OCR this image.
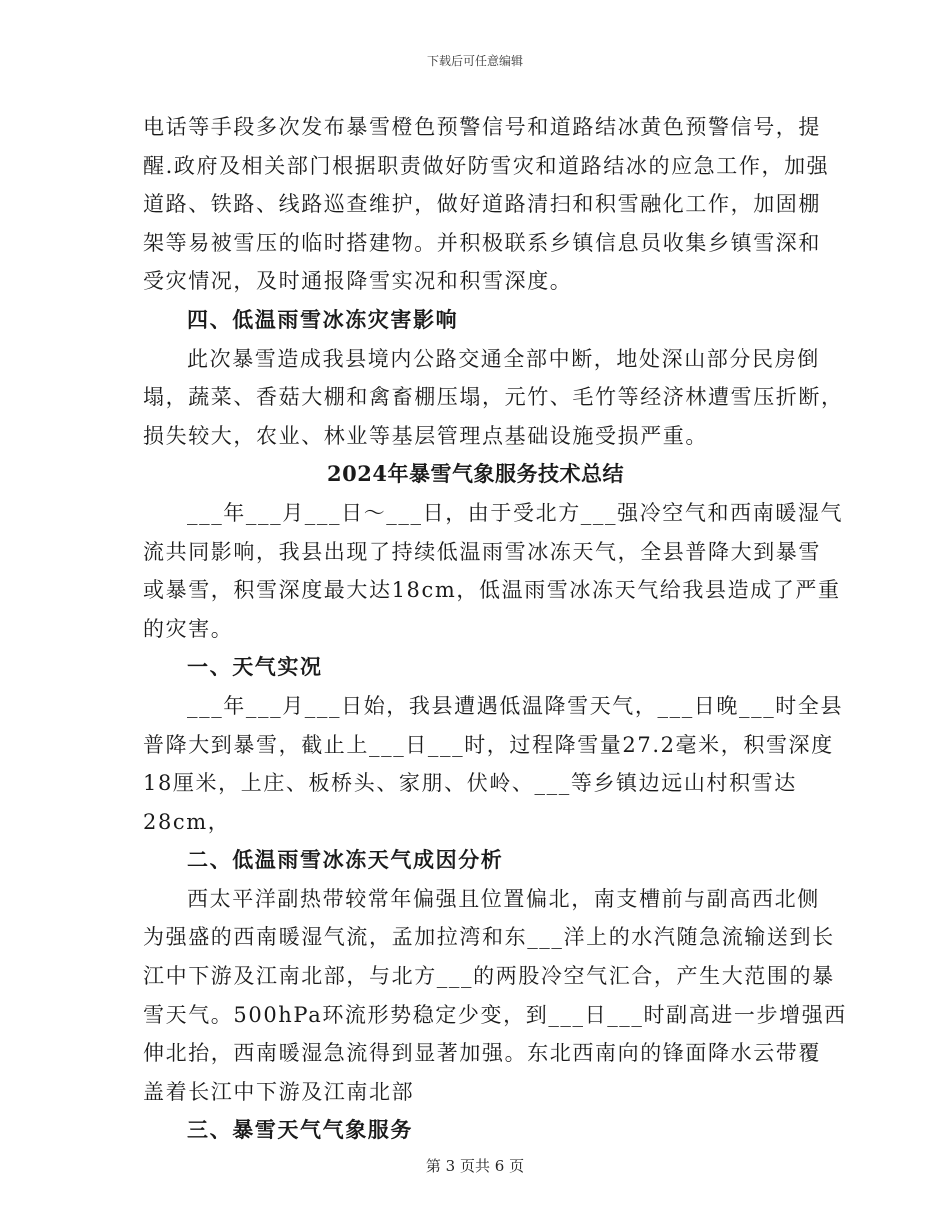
下载后可任意编辑
电话等手段多次发布暴雪橙色预警信号和道路结冰黄色预警信号，提
醒.政府及相关部门根据职责做好防雪灾和道路结冰的应急工作，加强
道路、铁路、线路巡查维护，做好道路清扫和积雪融化工作，加固棚
架等易被雪压的临时搭建物。并积极联系乡镇信息员收集乡镇雪深和
受灾情况，及时通报降雪实况和积雪深度。
四、低温雨雪冰冻灾害影响
此次暴雪造成我县境内公路交通全部中断，地处深山部分民房倒
塌，蔬菜、香菇大棚和禽畜棚压塌，元竹、毛竹等经济林遭雪压折断，
损失较大，农业、林业等基层管理点基础设施受损严重。
2024年暴雪气象服务技术总结
___年___月___日～___日，由于受北方___强冷空气和西南暖湿气
流共同影响，我县出现了持续低温雨雪冰冻天气，全县普降大到暴雪
或暴雪，积雪深度最大达18cm，低温雨雪冰冻天气给我县造成了严重
的灾害。
一、天气实况
___年___月___日始，我县遭遇低温降雪天气，___日晚___时全县
普降大到暴雪，截止上___日___时，过程降雪量27.2毫米，积雪深度
18厘米，上庄、板桥头、家朋、伏岭、___等乡镇边远山村积雪达
28cm，
二、低温雨雪冰冻天气成因分析
西太平洋副热带较常年偏强且位置偏北，南支槽前与副高西北侧
为强盛的西南暖湿气流，孟加拉湾和东___洋上的水汽随急流输送到长
江中下游及江南北部，与北方___的两股冷空气汇合，产生大范围的暴
雪天气。500hPa环流形势稳定少变，到___日___时副高进一步增强西
伸北抬，西南暖湿急流得到显著加强。东北西南向的锋面降水云带覆
盖着长江中下游及江南北部
三、暴雪天气气象服务
第 3 页共 6 页
